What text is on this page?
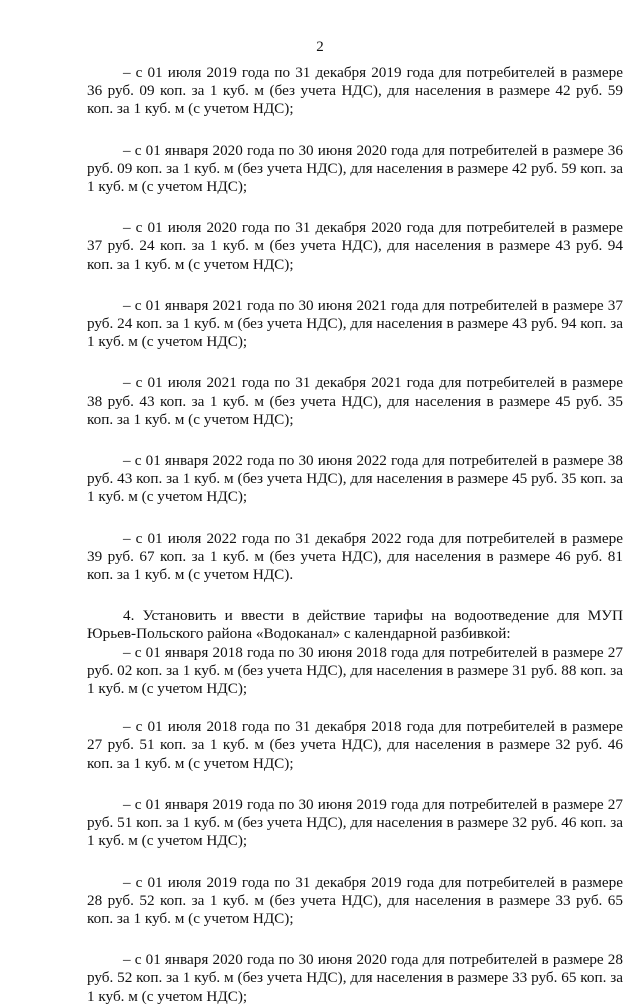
2

– с 01 июля 2019 года по 31 декабря 2019 года для потребителей в размере 36 руб. 09 коп. за 1 куб. м (без учета НДС), для населения в размере 42 руб. 59 коп. за 1 куб. м (с учетом НДС);

– с 01 января 2020 года по 30 июня 2020 года для потребителей в размере 36 руб. 09 коп. за 1 куб. м (без учета НДС), для населения в размере 42 руб. 59 коп. за 1 куб. м (с учетом НДС);

– с 01 июля 2020 года по 31 декабря 2020 года для потребителей в размере 37 руб. 24 коп. за 1 куб. м (без учета НДС), для населения в размере 43 руб. 94 коп. за 1 куб. м (с учетом НДС);

– с 01 января 2021 года по 30 июня 2021 года для потребителей в размере 37 руб. 24 коп. за 1 куб. м (без учета НДС), для населения в размере 43 руб. 94 коп. за 1 куб. м (с учетом НДС);

– с 01 июля 2021 года по 31 декабря 2021 года для потребителей в размере 38 руб. 43 коп. за 1 куб. м (без учета НДС), для населения в размере 45 руб. 35 коп. за 1 куб. м (с учетом НДС);

– с 01 января 2022 года по 30 июня 2022 года для потребителей в размере 38 руб. 43 коп. за 1 куб. м (без учета НДС), для населения в размере 45 руб. 35 коп. за 1 куб. м (с учетом НДС);

– с 01 июля 2022 года по 31 декабря 2022 года для потребителей в размере 39 руб. 67 коп. за 1 куб. м (без учета НДС), для населения в размере 46 руб. 81 коп. за 1 куб. м (с учетом НДС).

4. Установить и ввести в действие тарифы на водоотведение для МУП Юрьев-Польского района «Водоканал» с календарной разбивкой:

– с 01 января 2018 года по 30 июня 2018 года для потребителей в размере 27 руб. 02 коп. за 1 куб. м (без учета НДС), для населения в размере 31 руб. 88 коп. за 1 куб. м (с учетом НДС);

– с 01 июля 2018 года по 31 декабря 2018 года для потребителей в размере 27 руб. 51 коп. за 1 куб. м (без учета НДС), для населения в размере 32 руб. 46 коп. за 1 куб. м (с учетом НДС);

– с 01 января 2019 года по 30 июня 2019 года для потребителей в размере 27 руб. 51 коп. за 1 куб. м (без учета НДС), для населения в размере 32 руб. 46 коп. за 1 куб. м (с учетом НДС);

– с 01 июля 2019 года по 31 декабря 2019 года для потребителей в размере 28 руб. 52 коп. за 1 куб. м (без учета НДС), для населения в размере 33 руб. 65 коп. за 1 куб. м (с учетом НДС);

– с 01 января 2020 года по 30 июня 2020 года для потребителей в размере 28 руб. 52 коп. за 1 куб. м (без учета НДС), для населения в размере 33 руб. 65 коп. за 1 куб. м (с учетом НДС);
